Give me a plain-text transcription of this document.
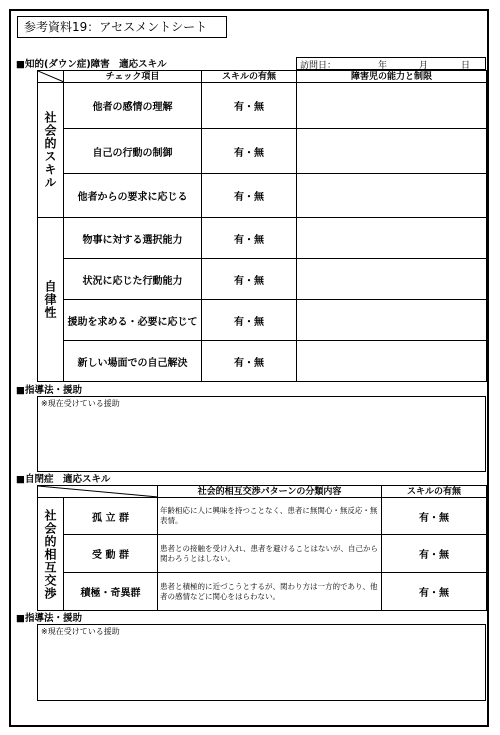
参考資料19：アセスメントシート
■知的(ダウン症)障害　適応スキル	訪問日：	年	月	日
	チェック項目	スキルの有無	障害児の能力と制限

社会的スキル	他者の感情の理解	有・無	
	自己の行動の制御	有・無	
	他者からの要求に応じる	有・無	

自律性	物事に対する選択能力	有・無	
	状況に応じた行動能力	有・無	
	援助を求める・必要に応じて	有・無	
	新しい場面での自己解決	有・無	
■指導法・援助
※現在受けている援助
■自閉症　適応スキル
	社会的相互交渉パターンの分類内容	スキルの有無

社会的相互交渉	孤 立 群	年齢相応に人に興味を持つことなく、患者に無関心・無反応・無表情。	有・無
	受 動 群	患者との接触を受け入れ、患者を避けることはないが、自己から関わろうとはしない。	有・無
	積極・奇異群	患者と積極的に近づこうとするが、関わり方は一方的であり、他者の感情などに関心をはらわない。	有・無
■指導法・援助
※現在受けている援助
